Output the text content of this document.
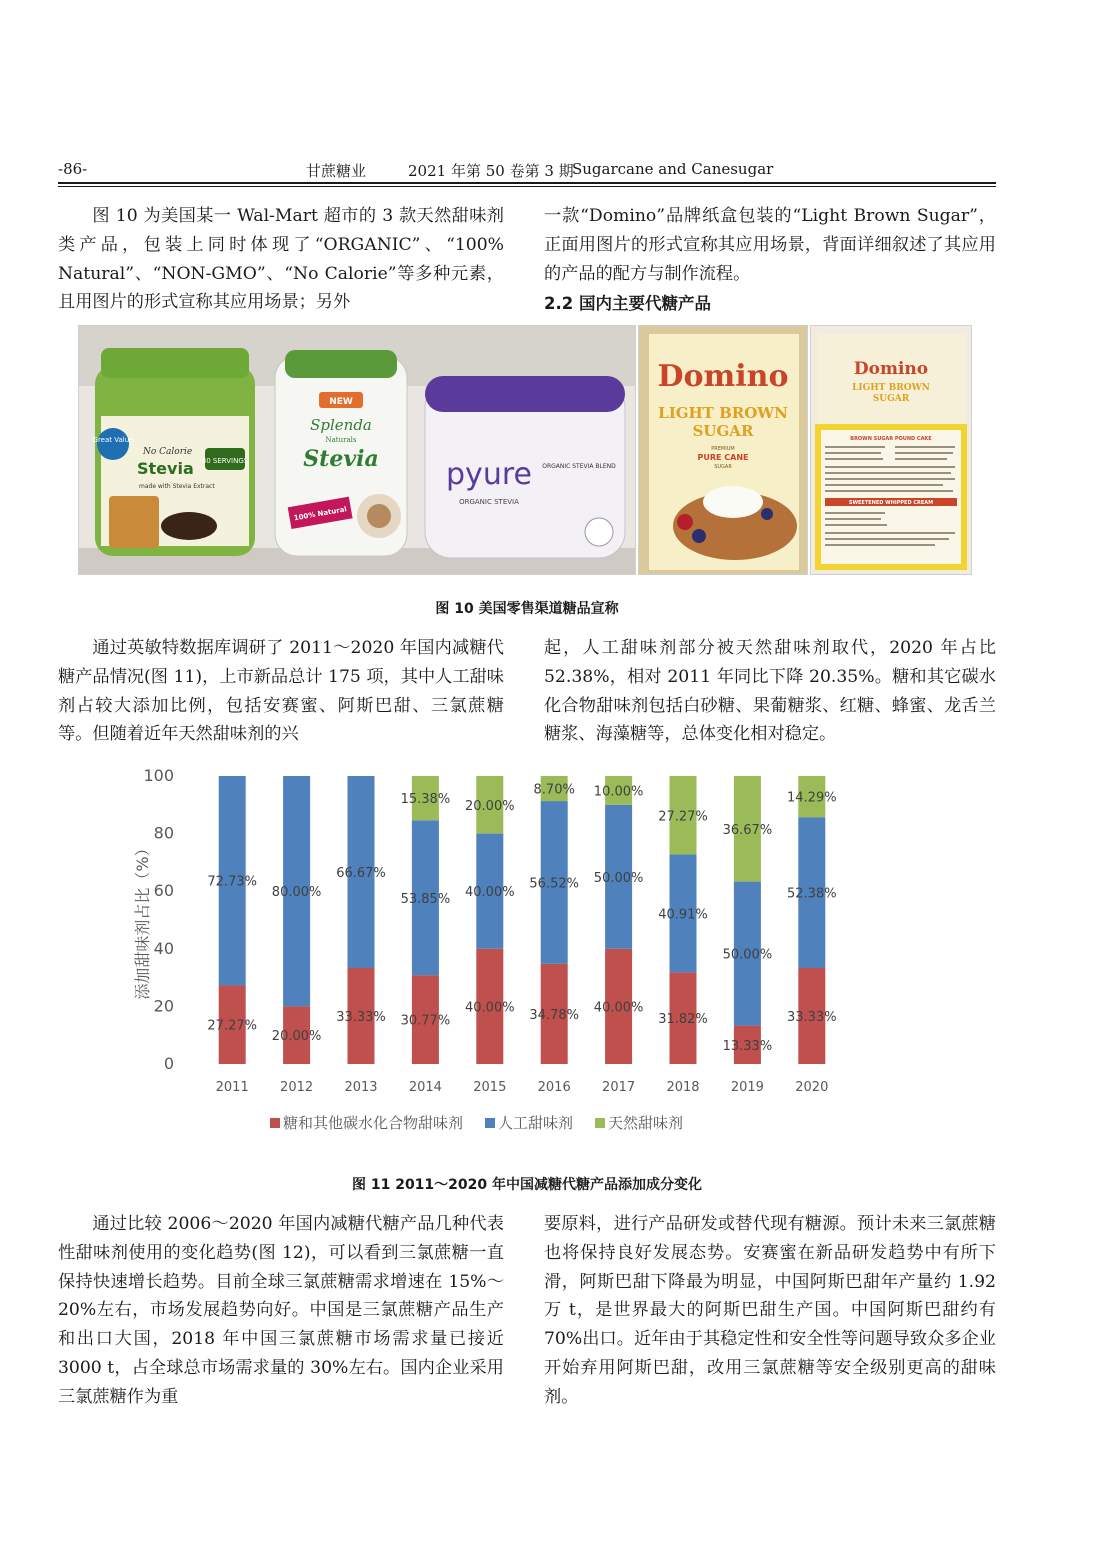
-86-	甘蔗糖业	2021 年第 50 卷第 3 期
Sugarcane and Canesugar

图 10 为美国某一 Wal-Mart 超市的 3 款天然甜味剂类产品，包装上同时体现了“ORGANIC”、“100% Natural”、“NON-GMO”、“No Calorie”等多种元素，且用图片的形式宣称其应用场景；另外

一款“Domino”品牌纸盒包装的“Light Brown Sugar”，正面用图片的形式宣称其应用场景，背面详细叙述了其应用的产品的配方与制作流程。

2.2 国内主要代糖产品
Great Value
No Calorie
Stevia
made with Stevia Extract
80 SERVINGS
NEW
Splenda
Naturals
Stevia
100% Natural
pyure
ORGANIC STEVIA
ORGANIC STEVIA BLEND
Domino
LIGHT BROWN
SUGAR
PREMIUM
PURE CANE
SUGAR
Domino
LIGHT BROWN
SUGAR
BROWN SUGAR POUND CAKE
SWEETENED WHIPPED CREAM
图 10 美国零售渠道糖品宣称

通过英敏特数据库调研了 2011～2020 年国内减糖代糖产品情况(图 11)，上市新品总计 175 项，其中人工甜味剂占较大添加比例，包括安赛蜜、阿斯巴甜、三氯蔗糖等。但随着近年天然甜味剂的兴

起，人工甜味剂部分被天然甜味剂取代，2020 年占比 52.38%，相对 2011 年同比下降 20.35%。糖和其它碳水化合物甜味剂包括白砂糖、果葡糖浆、红糖、蜂蜜、龙舌兰糖浆、海藻糖等，总体变化相对稳定。

0
20
40
60
80
100
添加甜味剂占比（%）
27.27%
72.73%
2011
20.00%
80.00%
2012
33.33%
66.67%
2013
30.77%
53.85%
15.38%
2014
40.00%
40.00%
20.00%
2015
34.78%
56.52%
8.70%
2016
40.00%
50.00%
10.00%
2017
31.82%
40.91%
27.27%
2018
13.33%
50.00%
36.67%
2019
33.33%
52.38%
14.29%
2020
糖和其他碳水化合物甜味剂 人工甜味剂 天然甜味剂
图 11 2011～2020 年中国减糖代糖产品添加成分变化

通过比较 2006～2020 年国内减糖代糖产品几种代表性甜味剂使用的变化趋势(图 12)，可以看到三氯蔗糖一直保持快速增长趋势。目前全球三氯蔗糖需求增速在 15%～20%左右，市场发展趋势向好。中国是三氯蔗糖产品生产和出口大国，2018 年中国三氯蔗糖市场需求量已接近 3000 t，占全球总市场需求量的 30%左右。国内企业采用三氯蔗糖作为重

要原料，进行产品研发或替代现有糖源。预计未来三氯蔗糖也将保持良好发展态势。安赛蜜在新品研发趋势中有所下滑，阿斯巴甜下降最为明显，中国阿斯巴甜年产量约 1.92 万 t，是世界最大的阿斯巴甜生产国。中国阿斯巴甜约有 70%出口。近年由于其稳定性和安全性等问题导致众多企业开始弃用阿斯巴甜，改用三氯蔗糖等安全级别更高的甜味剂。
